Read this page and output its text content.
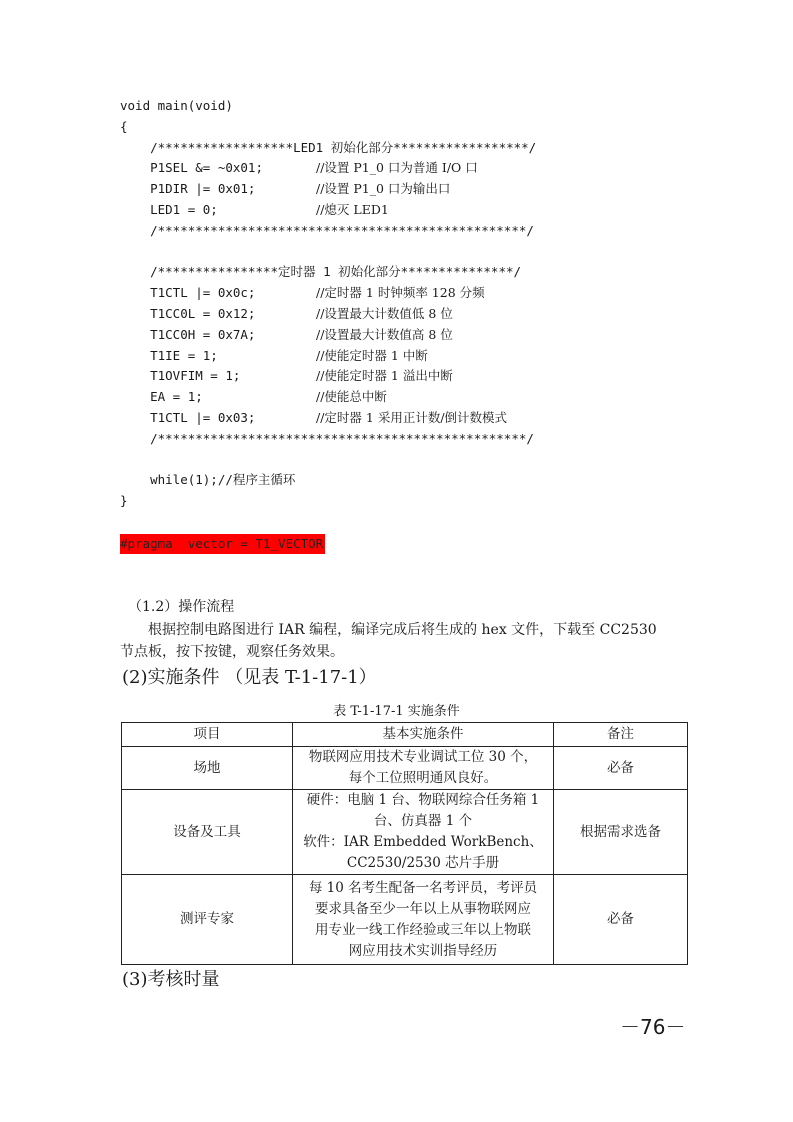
void main(void)
{
/******************LED1 初始化部分******************/
P1SEL &= ~0x01;	//设置 P1_0 口为普通 I/O 口
P1DIR |= 0x01;	//设置 P1_0 口为输出口
LED1 = 0;	//熄灭 LED1
/*************************************************/
/****************定时器 1 初始化部分***************/
T1CTL |= 0x0c;	//定时器 1 时钟频率 128 分频
T1CC0L = 0x12;	//设置最大计数值低 8 位
T1CC0H = 0x7A;	//设置最大计数值高 8 位
T1IE = 1;	//使能定时器 1 中断
T1OVFIM = 1;	//使能定时器 1 溢出中断
EA = 1;	//使能总中断
T1CTL |= 0x03;	//定时器 1 采用正计数/倒计数模式
/*************************************************/
while(1);//程序主循环
}
#pragma  vector = T1_VECTOR
（1.2）操作流程
根据控制电路图进行 IAR 编程，编译完成后将生成的 hex 文件，下载至 CC2530 节点板，按下按键，观察任务效果。
(2)实施条件 （见表 T-1-17-1）
表 T-1-17-1 实施条件
项目	基本实施条件	备注
场地	物联网应用技术专业调试工位 30 个，
每个工位照明通风良好。	必备
设备及工具	硬件：电脑 1 台、物联网综合任务箱 1
台、仿真器 1 个
软件：IAR Embedded WorkBench、
CC2530/2530 芯片手册	根据需求选备
测评专家	每 10 名考生配备一名考评员，考评员
要求具备至少一年以上从事物联网应
用专业一线工作经验或三年以上物联
网应用技术实训指导经历	必备
(3)考核时量
－76－
